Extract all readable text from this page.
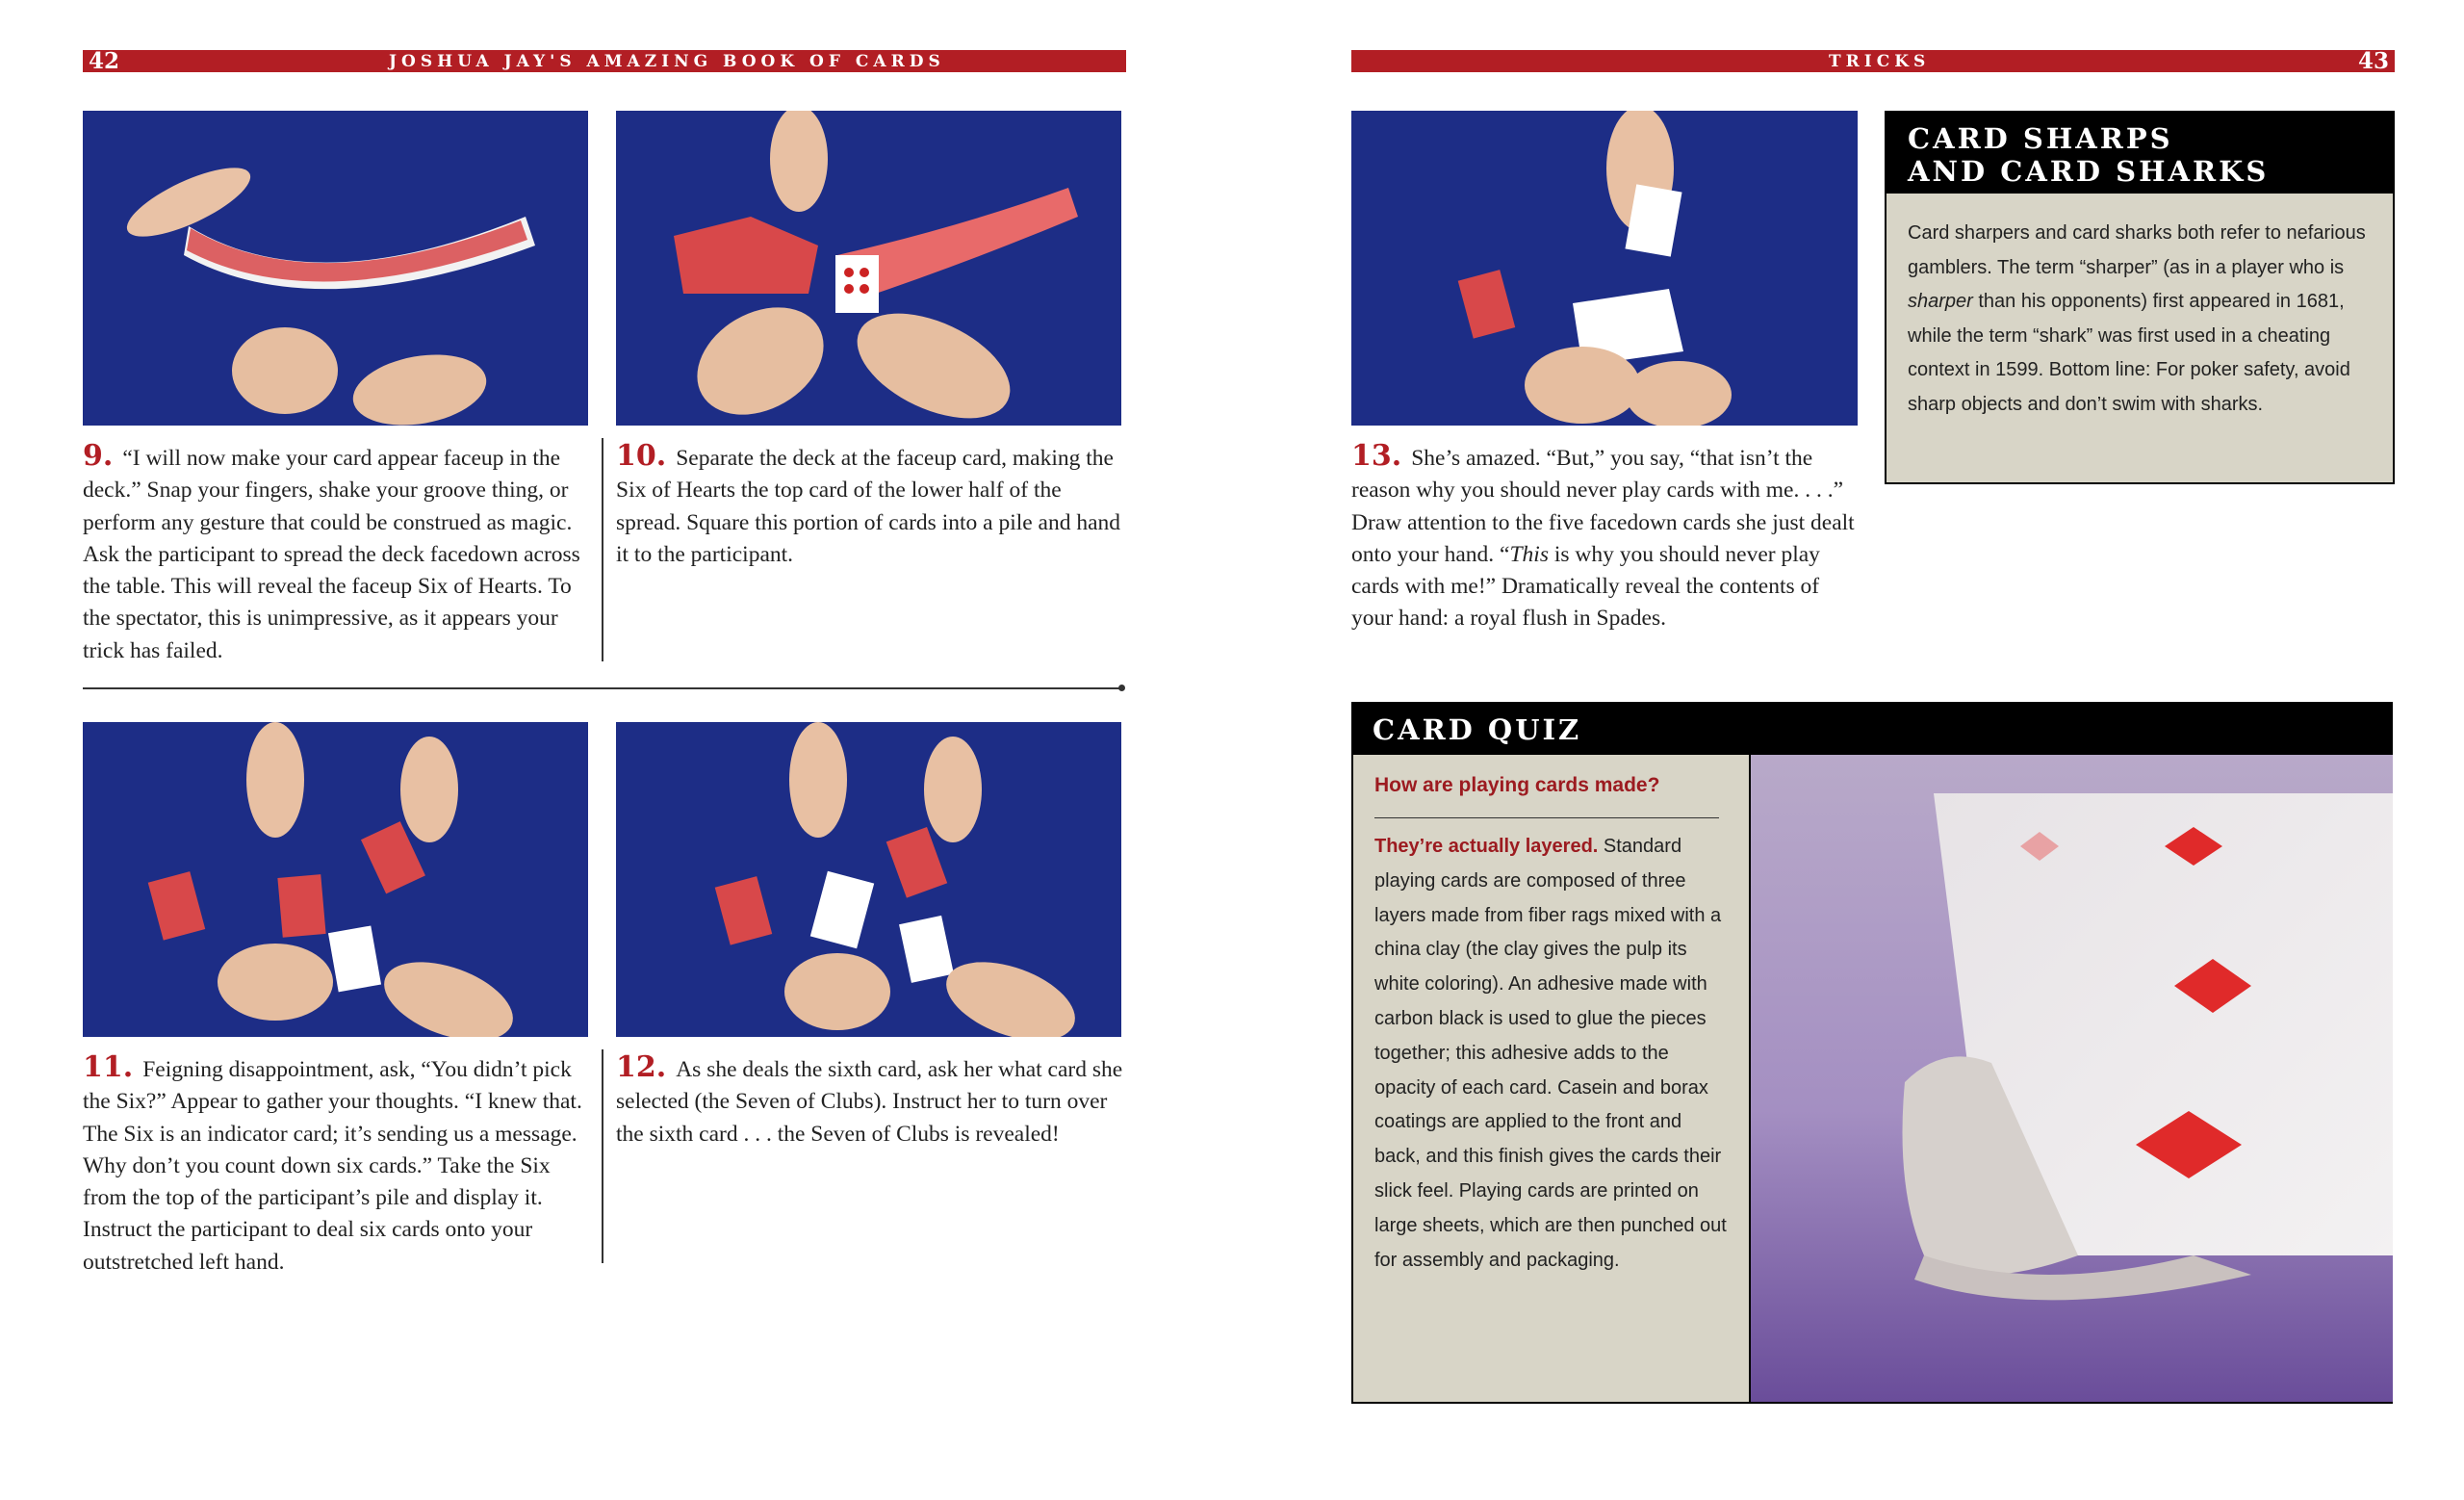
42	JOSHUA JAY'S AMAZING BOOK OF CARDS	TRICKS	43
9. “I will now make your card appear faceup in the deck.” Snap your fingers, shake your groove thing, or perform any gesture that could be construed as magic. Ask the participant to spread the deck facedown across the table. This will reveal the faceup Six of Hearts. To the spectator, this is unimpressive, as it appears your trick has failed.
10. Separate the deck at the faceup card, making the Six of Hearts the top card of the lower half of the spread. Square this portion of cards into a pile and hand it to the participant.
11. Feigning disappointment, ask, “You didn’t pick the Six?” Appear to gather your thoughts. “I knew that. The Six is an indicator card; it’s sending us a message. Why don’t you count down six cards.” Take the Six from the top of the participant’s pile and display it. Instruct the participant to deal six cards onto your outstretched left hand.
12. As she deals the sixth card, ask her what card she selected (the Seven of Clubs). Instruct her to turn over the sixth card . . . the Seven of Clubs is revealed!
13. She’s amazed. “But,” you say, “that isn’t the reason why you should never play cards with me. . . .” Draw attention to the five facedown cards she just dealt onto your hand. “This is why you should never play cards with me!” Dramatically reveal the contents of your hand: a royal flush in Spades.
CARD SHARPS
AND CARD SHARKS
Card sharpers and card sharks both refer to nefarious gamblers. The term “sharper” (as in a player who is sharper than his opponents) first appeared in 1681, while the term “shark” was first used in a cheating context in 1599. Bottom line: For poker safety, avoid sharp objects and don’t swim with sharks.
CARD QUIZ
How are playing cards made?
They’re actually layered. Standard playing cards are composed of three layers made from fiber rags mixed with a china clay (the clay gives the pulp its white coloring). An adhesive made with carbon black is used to glue the pieces together; this adhesive adds to the opacity of each card. Casein and borax coatings are applied to the front and back, and this finish gives the cards their slick feel. Playing cards are printed on large sheets, which are then punched out for assembly and packaging.
